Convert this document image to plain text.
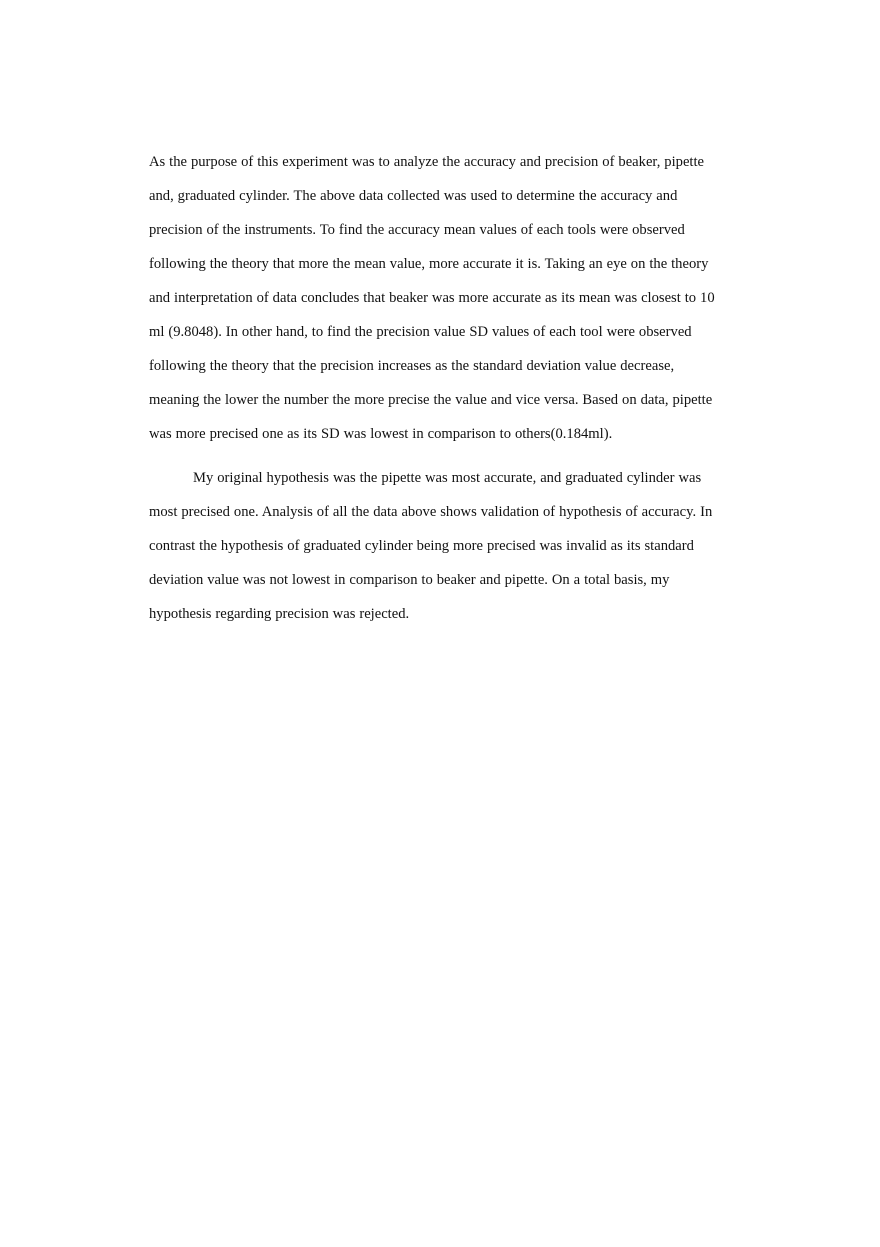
As the purpose of this experiment was to analyze the accuracy and precision of beaker, pipette
and, graduated cylinder. The above data collected was used to determine the accuracy and
precision of the instruments. To find the accuracy mean values of each tools were observed
following the theory that more the mean value, more accurate it is. Taking an eye on the theory
and interpretation of data concludes that beaker was more accurate as its mean was closest to 10
ml (9.8048). In other hand, to find the precision value SD values of each tool were observed
following the theory that the precision increases as the standard deviation value decrease,
meaning the lower the number the more precise the value and vice versa. Based on data, pipette
was more precised one as its SD was lowest in comparison to others(0.184ml).

My original hypothesis was the pipette was most accurate, and graduated cylinder was
most precised one. Analysis of all the data above shows validation of hypothesis of accuracy. In
contrast the hypothesis of graduated cylinder being more precised was invalid as its standard
deviation value was not lowest in comparison to beaker and pipette. On a total basis, my
hypothesis regarding precision was rejected.
